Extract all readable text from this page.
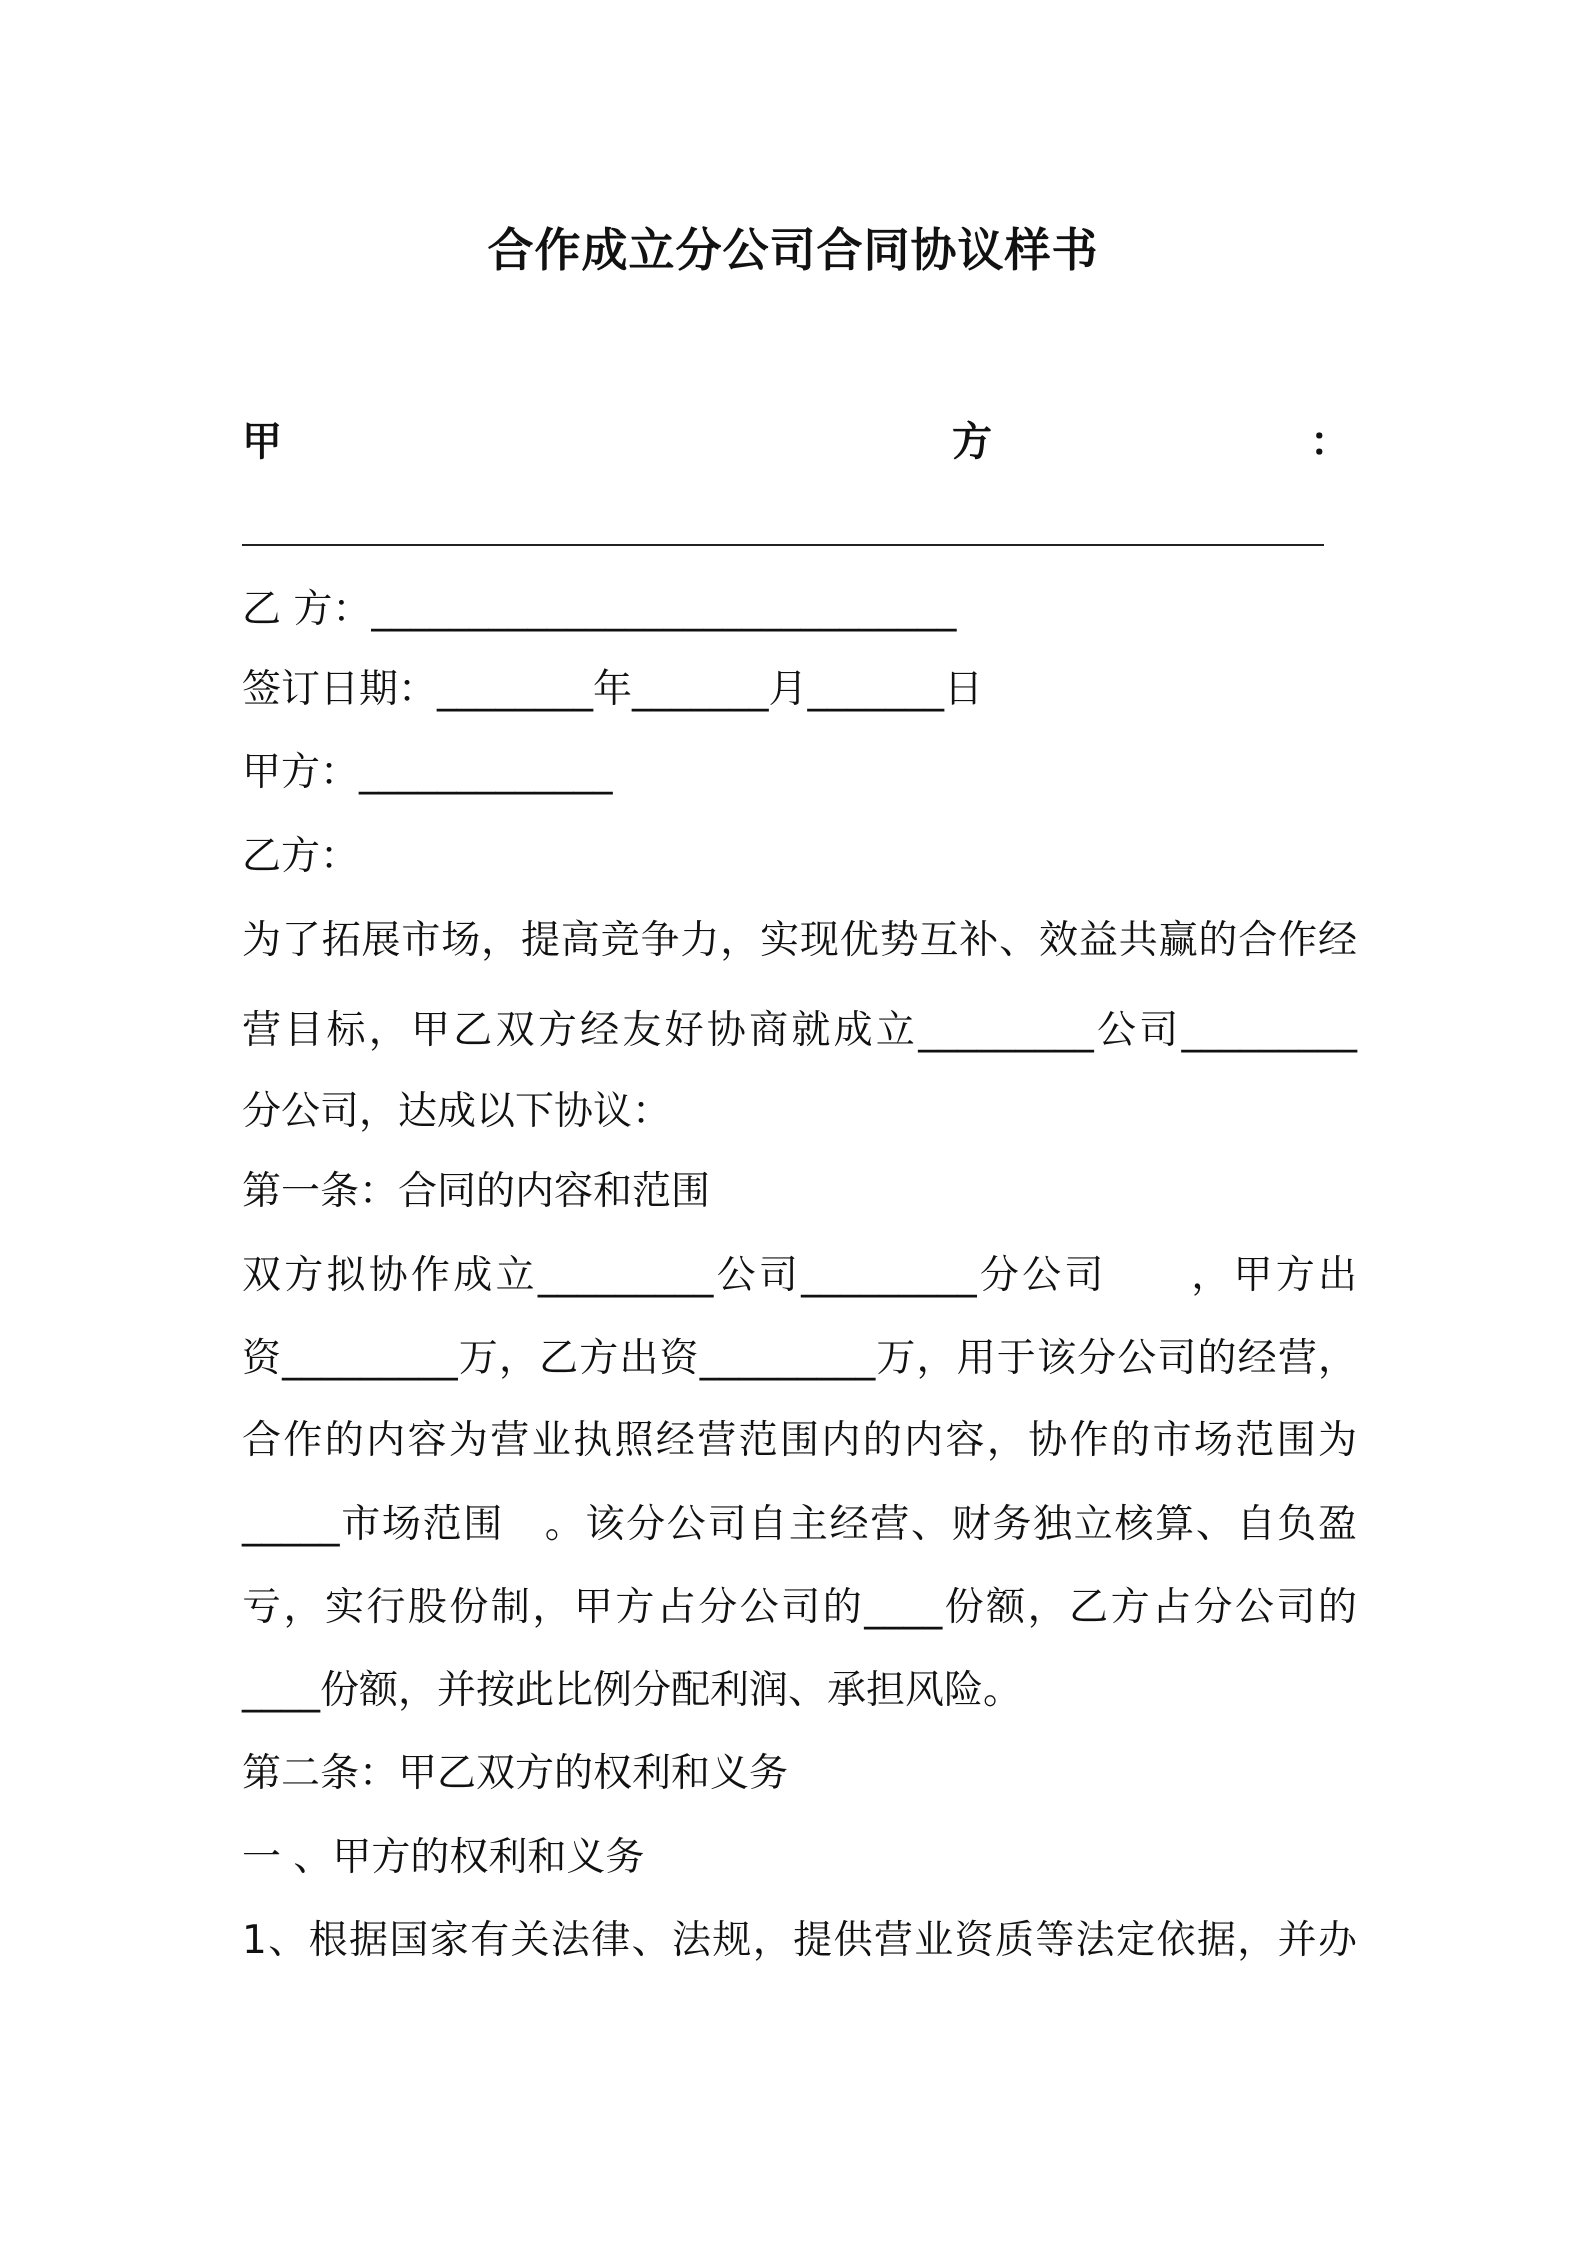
合作成立分公司合同协议样书
甲	方	：
乙 方：______________________________
签订日期：________年_______月_______日
甲方：_____________
乙方：
为了拓展市场，提高竞争力，实现优势互补、效益共赢的合作经
营目标，甲乙双方经友好协商就成立_________公司_________
分公司，达成以下协议：
第一条：合同的内容和范围
双方拟协作成立_________公司_________分公司　　，甲方出
资_________万，乙方出资_________万，用于该分公司的经营，
合作的内容为营业执照经营范围内的内容，协作的市场范围为
_____市场范围　。该分公司自主经营、财务独立核算、自负盈
亏，实行股份制，甲方占分公司的____份额，乙方占分公司的
____份额，并按此比例分配利润、承担风险。
第二条：甲乙双方的权利和义务
一 、甲方的权利和义务
1、根据国家有关法律、法规，提供营业资质等法定依据，并办
